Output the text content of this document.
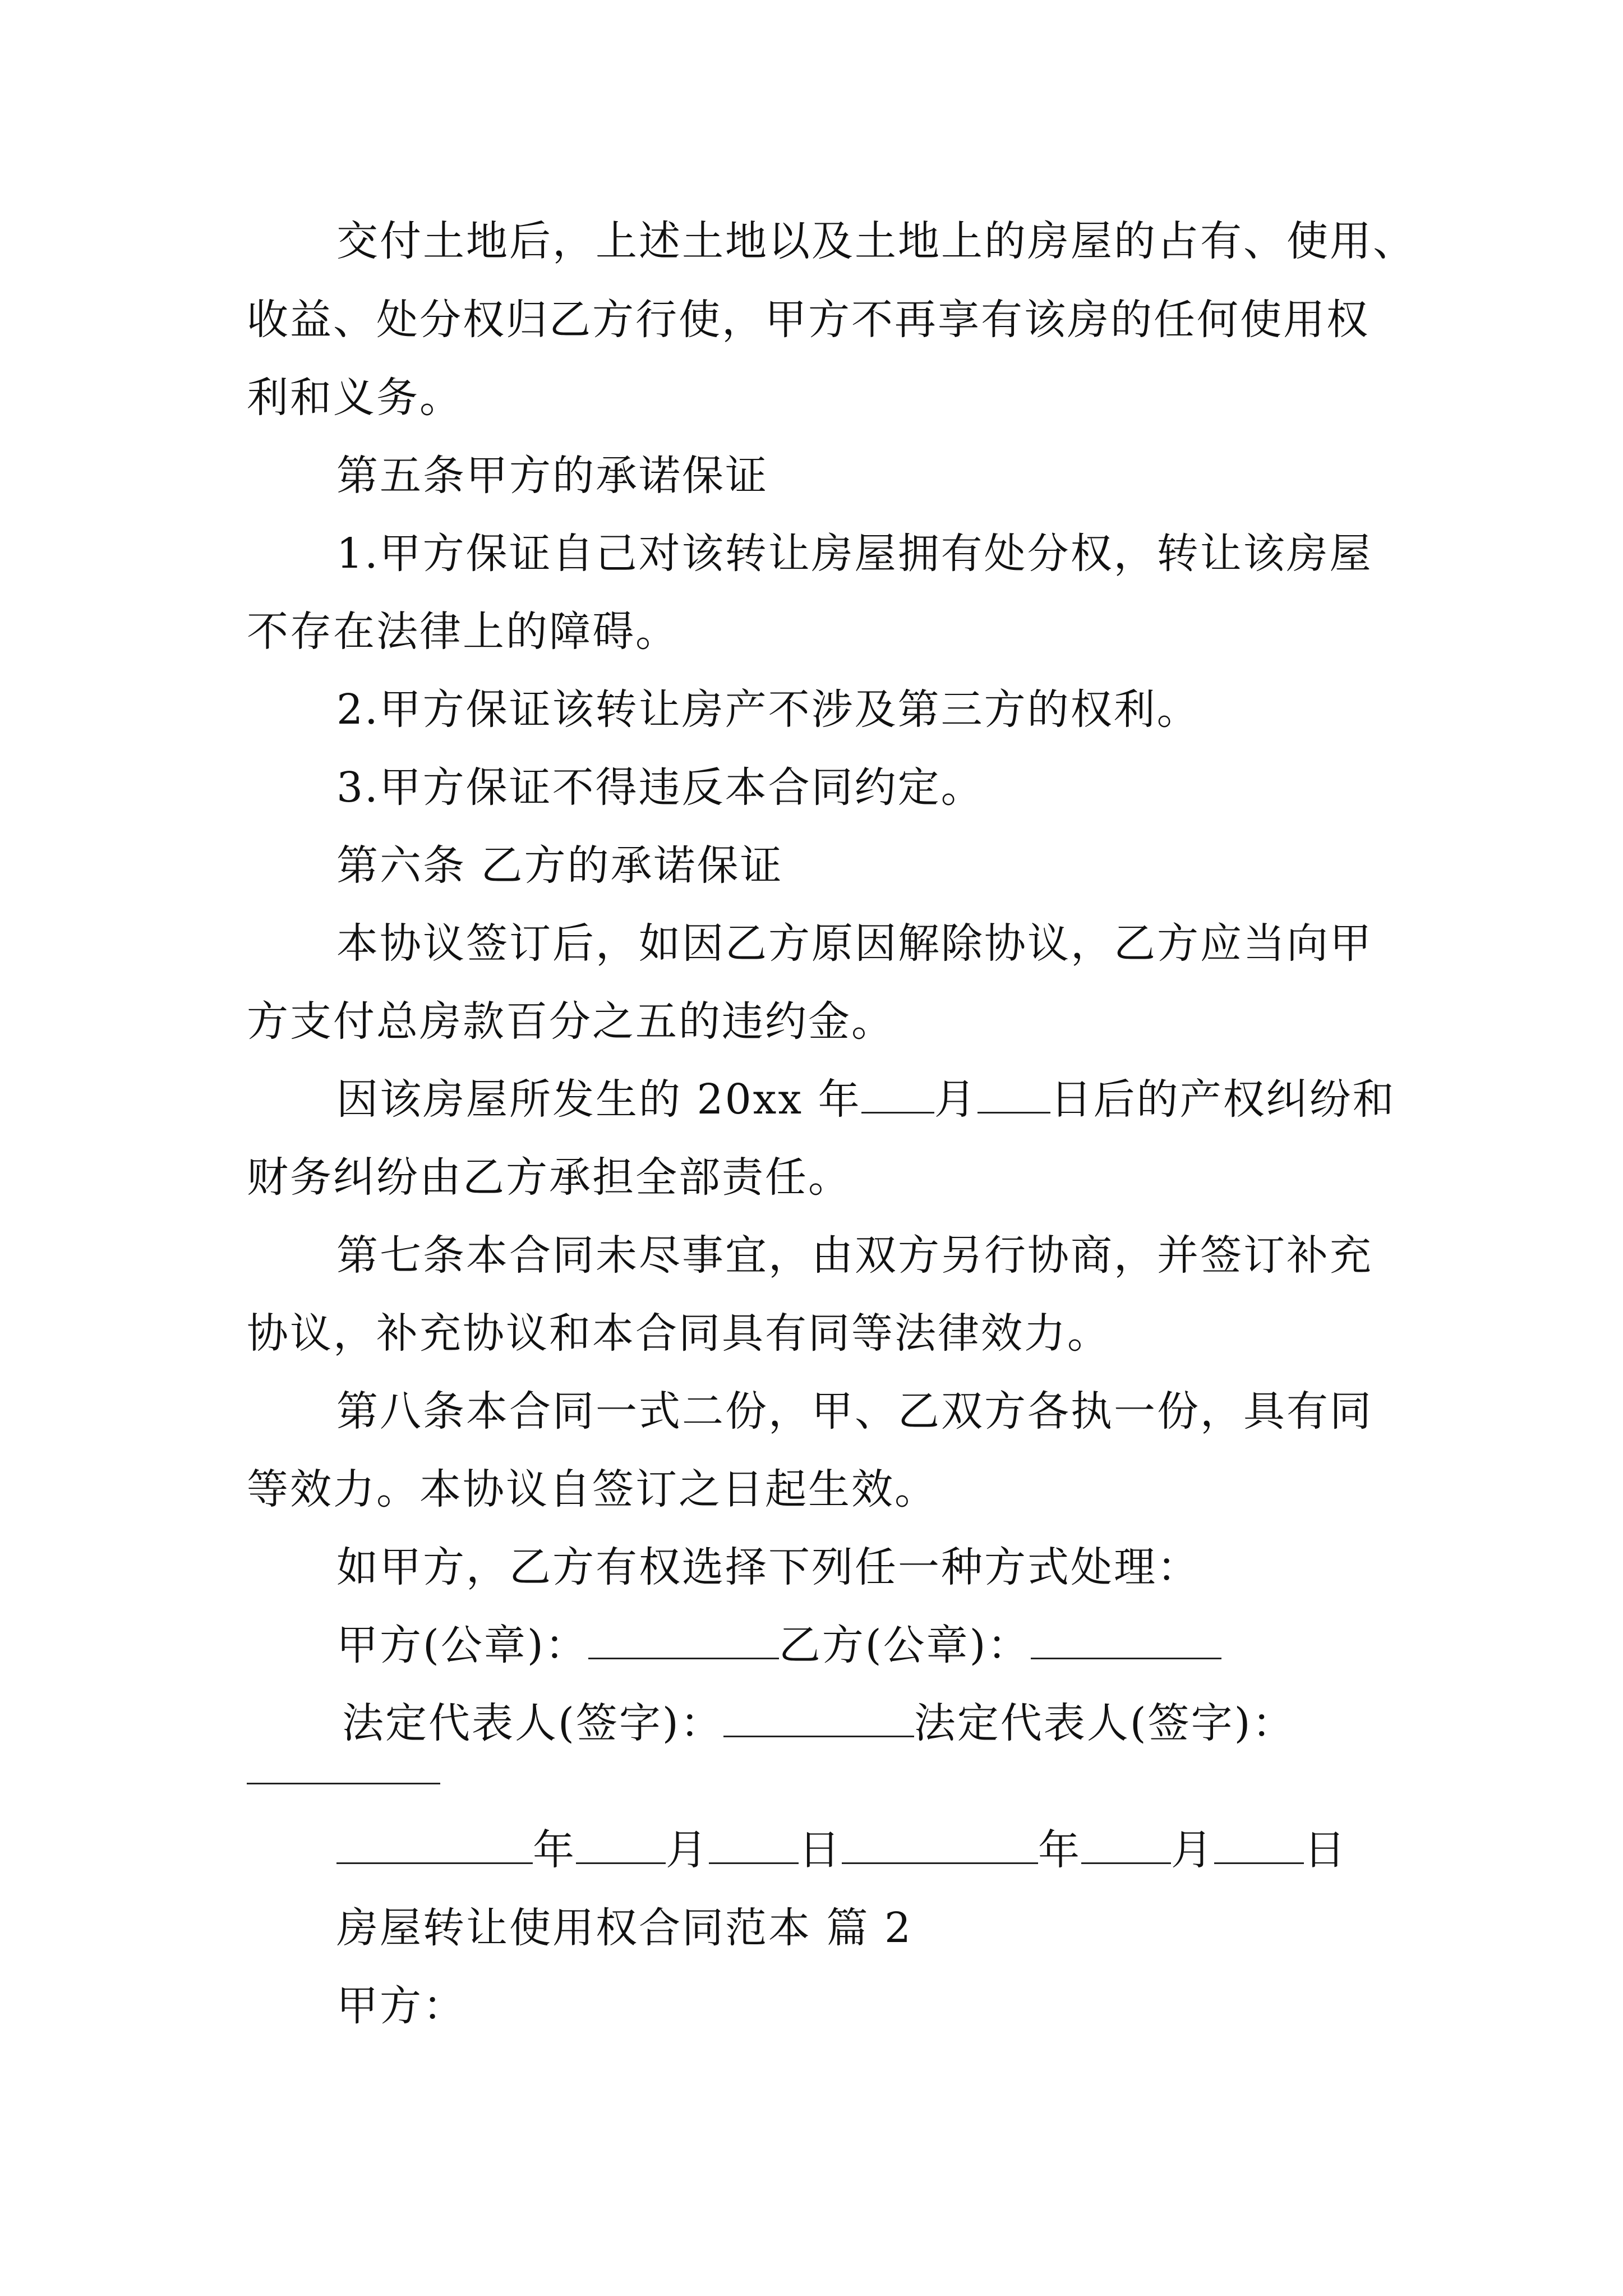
交付土地后，上述土地以及土地上的房屋的占有、使用、
收益、处分权归乙方行使，甲方不再享有该房的任何使用权
利和义务。
第五条甲方的承诺保证
1.甲方保证自己对该转让房屋拥有处分权，转让该房屋
不存在法律上的障碍。
2.甲方保证该转让房产不涉及第三方的权利。
3.甲方保证不得违反本合同约定。
第六条 乙方的承诺保证
本协议签订后，如因乙方原因解除协议，乙方应当向甲
方支付总房款百分之五的违约金。
因该房屋所发生的 20xx 年 月 日后的产权纠纷和
财务纠纷由乙方承担全部责任。
第七条本合同未尽事宜，由双方另行协商，并签订补充
协议，补充协议和本合同具有同等法律效力。
第八条本合同一式二份，甲、乙双方各执一份，具有同
等效力。本协议自签订之日起生效。
如甲方，乙方有权选择下列任一种方式处理：
甲方(公章)：	乙方(公章)：
法定代表人(签字)：	法定代表人(签字)：
年 月 日	年 月 日
房屋转让使用权合同范本 篇 2
甲方：
